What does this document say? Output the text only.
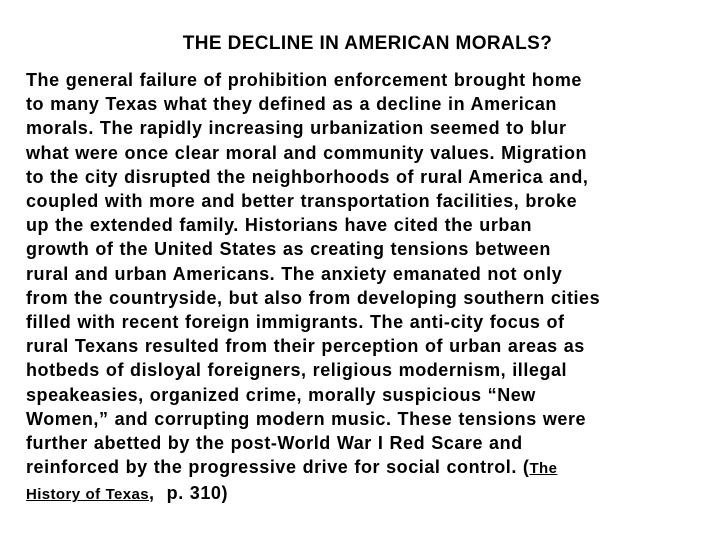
THE DECLINE IN AMERICAN MORALS?
The general failure of prohibition enforcement brought home
to many Texas what they defined as a decline in American
morals. The rapidly increasing urbanization seemed to blur
what were once clear moral and community values. Migration
to the city disrupted the neighborhoods of rural America and,
coupled with more and better transportation facilities, broke
up the extended family. Historians have cited the urban
growth of the United States as creating tensions between
rural and urban Americans. The anxiety emanated not only
from the countryside, but also from developing southern cities
filled with recent foreign immigrants. The anti-city focus of
rural Texans resulted from their perception of urban areas as
hotbeds of disloyal foreigners, religious modernism, illegal
speakeasies, organized crime, morally suspicious “New
Women,” and corrupting modern music. These tensions were
further abetted by the post-World War I Red Scare and
reinforced by the progressive drive for social control. (The
History of Texas,  p. 310)
